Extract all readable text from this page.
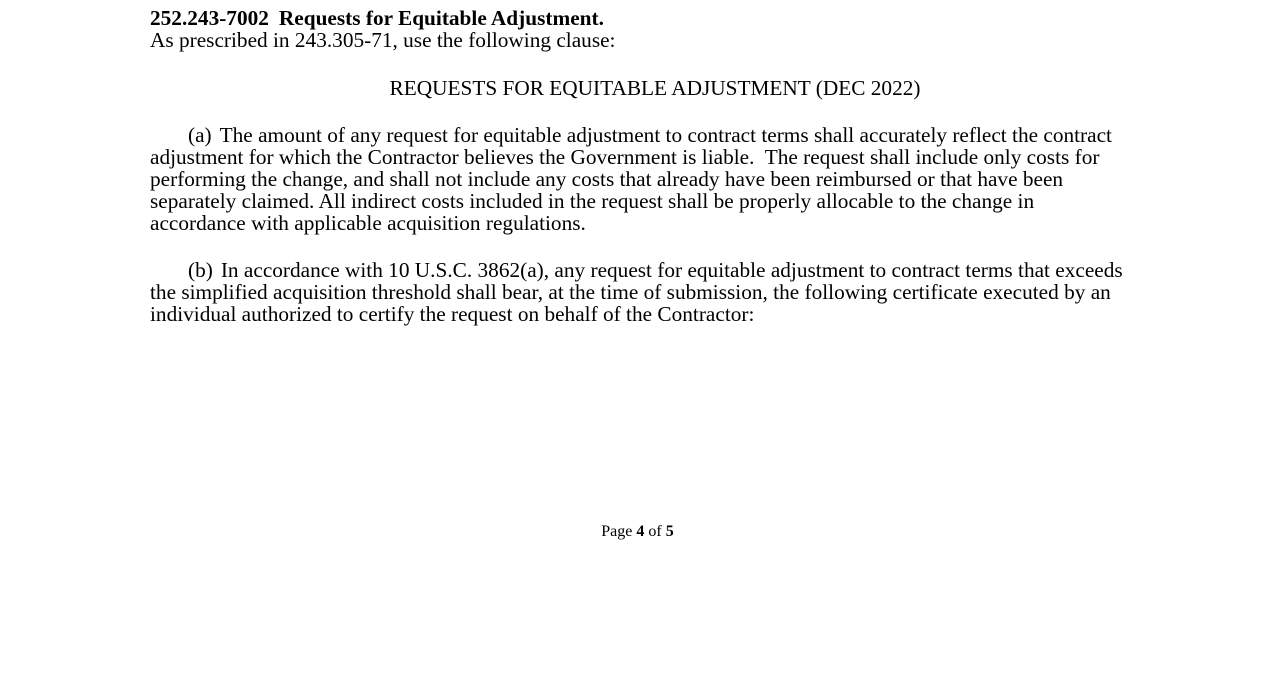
252.243-7002 Requests for Equitable Adjustment.

As prescribed in 243.305-71, use the following clause:

REQUESTS FOR EQUITABLE ADJUSTMENT (DEC 2022)

(a) The amount of any request for equitable adjustment to contract terms shall accurately reflect the contract adjustment for which the Contractor believes the Government is liable.  The request shall include only costs for performing the change, and shall not include any costs that already have been reimbursed or that have been separately claimed. All indirect costs included in the request shall be properly allocable to the change in accordance with applicable acquisition regulations.

(b) In accordance with 10 U.S.C. 3862(a), any request for equitable adjustment to contract terms that exceeds the simplified acquisition threshold shall bear, at the time of submission, the following certificate executed by an individual authorized to certify the request on behalf of the Contractor:

Page 4 of 5
